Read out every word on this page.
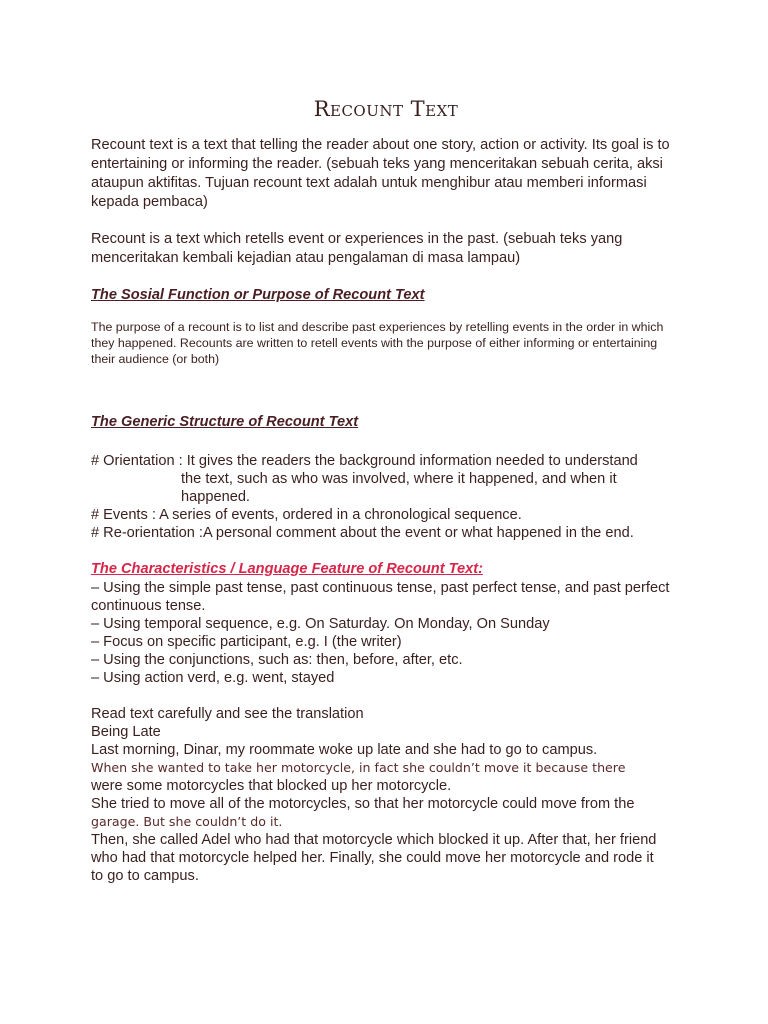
Recount Text

Recount text is a text that telling the reader about one story, action or activity. Its goal is to entertaining or informing the reader. (sebuah teks yang menceritakan sebuah cerita, aksi ataupun aktifitas. Tujuan recount text adalah untuk menghibur atau memberi informasi kepada pembaca)

Recount is a text which retells event or experiences in the past. (sebuah teks yang menceritakan kembali kejadian atau pengalaman di masa lampau)

The Sosial Function or Purpose of Recount Text

The purpose of a recount is to list and describe past experiences by retelling events in the order in which they happened. Recounts are written to retell events with the purpose of either informing or entertaining their audience (or both)

The Generic Structure of Recount Text

# Orientation : It gives the readers the background information needed to understand

the text, such as who was involved, where it happened, and when it

happened.

# Events : A series of events, ordered in a chronological sequence.

# Re-orientation :A personal comment about the event or what happened in the end.

The Characteristics / Language Feature of Recount Text:

– Using the simple past tense, past continuous tense, past perfect tense, and past perfect continuous tense.

– Using temporal sequence, e.g. On Saturday. On Monday, On Sunday

– Focus on specific participant, e.g. I (the writer)

– Using the conjunctions, such as: then, before, after, etc.

– Using action verd, e.g. went, stayed

Read text carefully and see the translation

Being Late

Last morning, Dinar, my roommate woke up late and she had to go to campus.

When she wanted to take her motorcycle, in fact she couldn’t move it because there

were some motorcycles that blocked up her motorcycle.

She tried to move all of the motorcycles, so that her motorcycle could move from the

garage. But she couldn’t do it.

Then, she called Adel who had that motorcycle which blocked it up. After that, her friend

who had that motorcycle helped her. Finally, she could move her motorcycle and rode it

to go to campus.
